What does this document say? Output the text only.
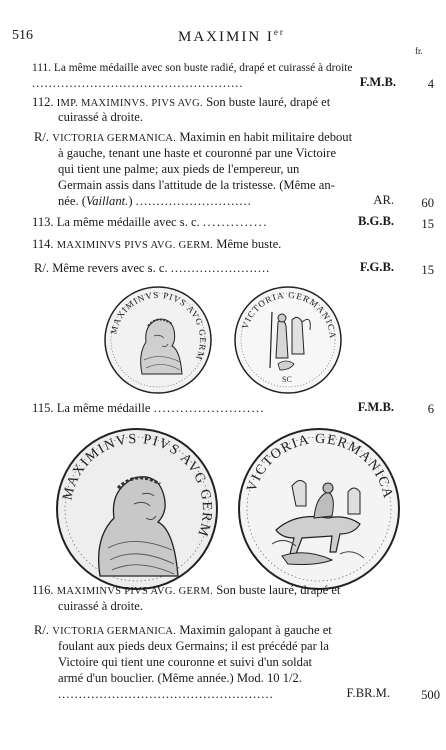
516	MAXIMIN Ier
fr.
111. La même médaille avec son buste radié, drapé et cuirassé à droite
...................................................	F.M.B.	4
112. IMP. MAXIMINVS. PIVS AVG. Son buste lauré, drapé et
cuirassé à droite.
R/. VICTORIA GERMANICA. Maximin en habit militaire debout
à gauche, tenant une haste et couronné par une Victoire
qui tient une palme; aux pieds de l'empereur, un
Germain assis dans l'attitude de la tristesse. (Même an-
née. (Vaillant.) ............................	AR. 60
113. La même médaille avec s. c. ..............	B.G.B. 15
114. MAXIMINVS PIVS AVG. GERM. Même buste.
R/. Même revers avec s. c. ........................	F.G.B. 15
MAXIMINVS PIVS AVG GERM
VICTORIA GERMANICA
SC
115. La même médaille .........................	F.M.B.	6
MAXIMINVS PIVS AVG GERM
VICTORIA GERMANICA
116. MAXIMINVS PIVS AVG. GERM. Son buste lauré, drapé et
cuirassé à droite.
R/. VICTORIA GERMANICA. Maximin galopant à gauche et
foulant aux pieds deux Germains; il est précédé par la
Victoire qui tient une couronne et suivi d'un soldat
armé d'un bouclier. (Même année.) Mod. 10 1/2.
....................................................	F.BR.M. 500
